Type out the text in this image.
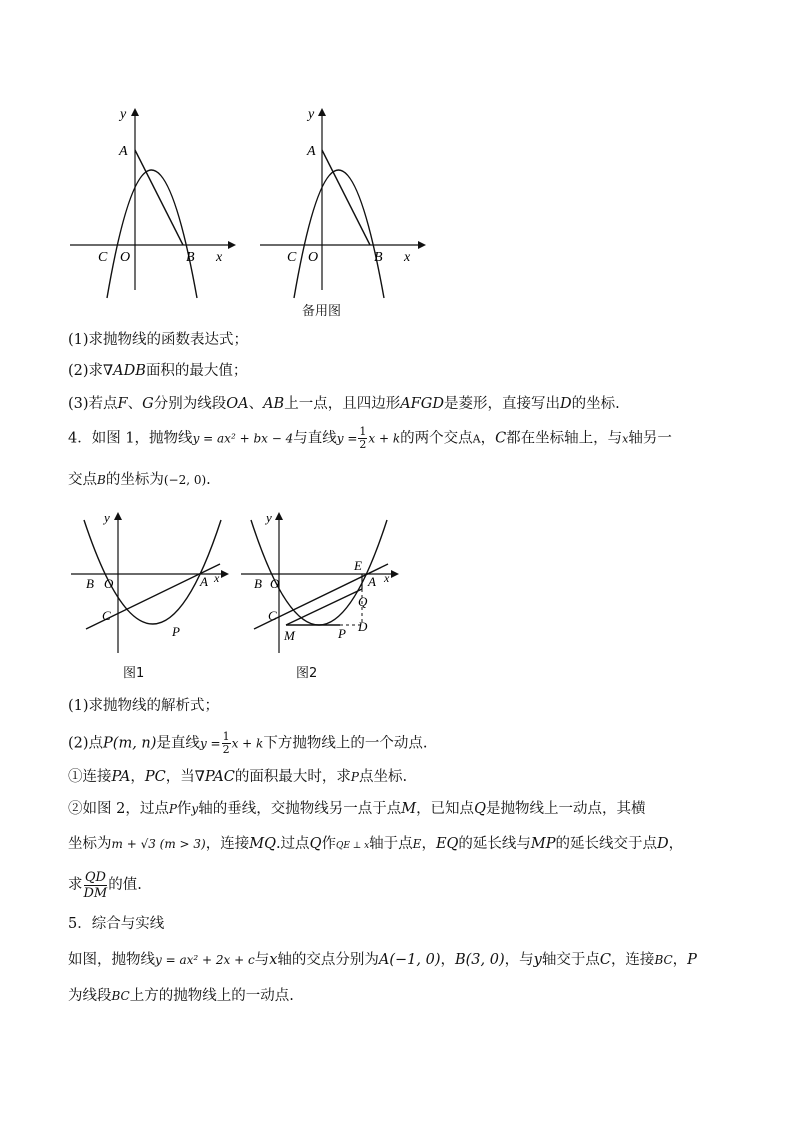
y
A
C O	B x
y
A
C O	B x
备用图
(1)求抛物线的函数表达式；
(2)求∇ADB面积的最大值；
(3)若点F、G分别为线段OA、AB上一点，且四边形AFGD是菱形，直接写出D的坐标.
4．如图 1，抛物线y = ax² + bx − 4与直线$y = \frac{1}{2}$ x + k的两个交点A，C都在坐标轴上，与x轴另一
交点B的坐标为(−2, 0).
y
B O	A x
C
P
图1
y
B O
E
A x
Q
C
M	P D
图2
(1)求抛物线的解析式；
(2)点P(m, n)是直线$y = \frac{1}{2}$ x + k下方抛物线上的一个动点.
①连接PA，PC，当∇PAC的面积最大时，求P点坐标.
②如图 2，过点P作y轴的垂线，交抛物线另一点于点M，已知点Q是抛物线上一动点，其横
坐标为m + √3 (m > 3)，连接MQ.过点Q作QE ⊥ x轴于点E，EQ的延长线与MP的延长线交于点D，
求 $\frac{QD}{DM}$ 的值.
5．综合与实线
如图，抛物线y = ax² + 2x + c与x轴的交点分别为A(−1, 0)，B(3, 0)，与y轴交于点C，连接BC，P
为线段BC上方的抛物线上的一动点.
